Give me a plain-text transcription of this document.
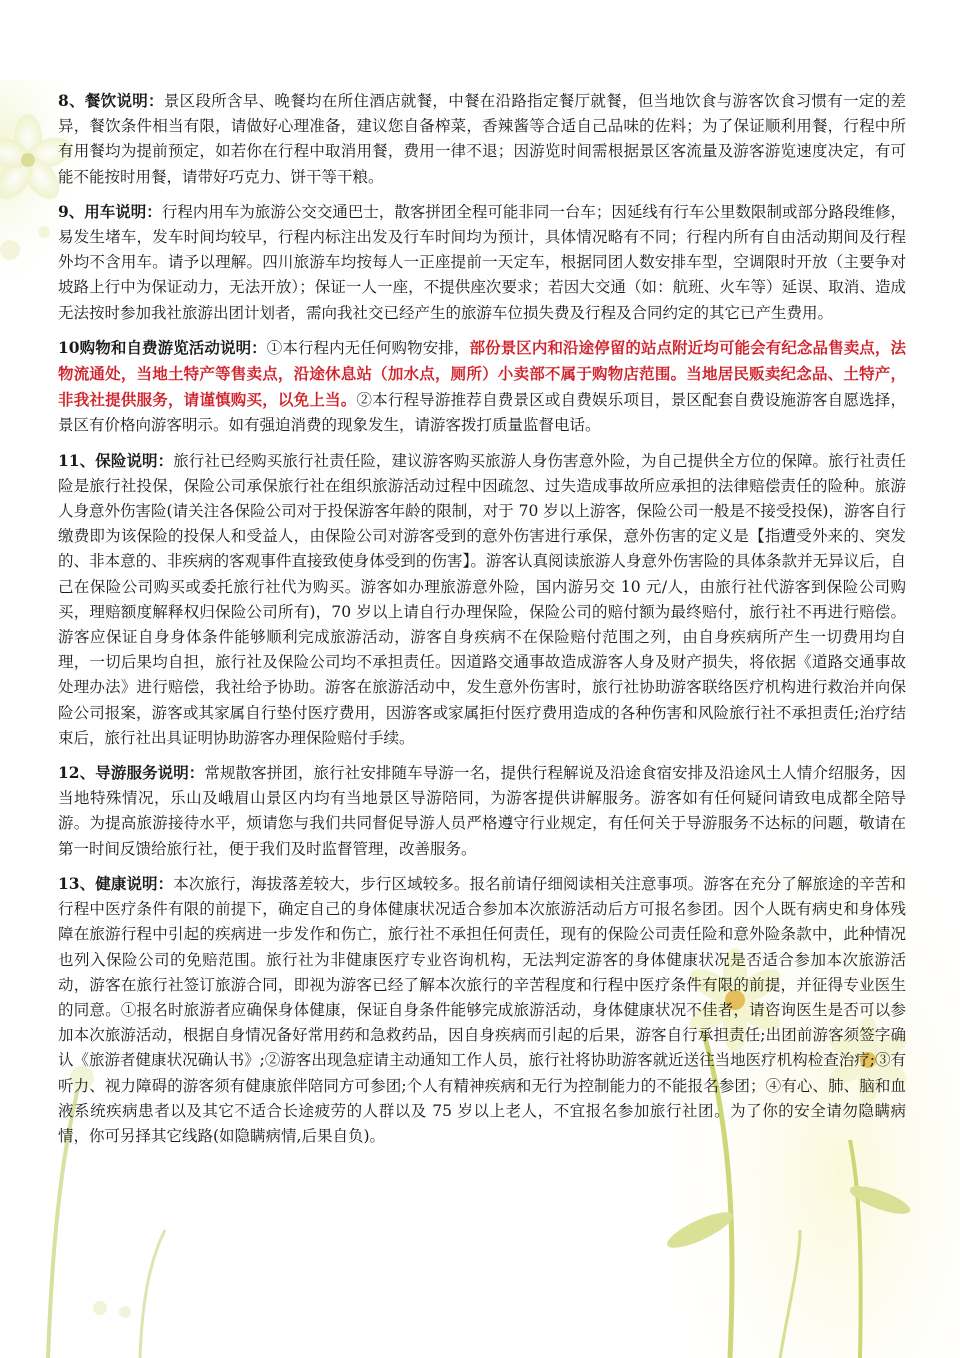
8、餐饮说明：景区段所含早、晚餐均在所住酒店就餐，中餐在沿路指定餐厅就餐，但当地饮食与游客饮食习惯有一定的差异，餐饮条件相当有限，请做好心理准备，建议您自备榨菜，香辣酱等合适自己品味的佐料；为了保证顺利用餐，行程中所有用餐均为提前预定，如若你在行程中取消用餐，费用一律不退；因游览时间需根据景区客流量及游客游览速度决定，有可能不能按时用餐，请带好巧克力、饼干等干粮。

9、用车说明：行程内用车为旅游公交交通巴士，散客拼团全程可能非同一台车；因延线有行车公里数限制或部分路段维修，易发生堵车，发车时间均较早，行程内标注出发及行车时间均为预计，具体情况略有不同；行程内所有自由活动期间及行程外均不含用车。请予以理解。四川旅游车均按每人一正座提前一天定车，根据同团人数安排车型，空调限时开放（主要争对坡路上行中为保证动力，无法开放）；保证一人一座，不提供座次要求；若因大交通（如：航班、火车等）延误、取消、造成无法按时参加我社旅游出团计划者，需向我社交已经产生的旅游车位损失费及行程及合同约定的其它已产生费用。

10购物和自费游览活动说明：①本行程内无任何购物安排，部份景区内和沿途停留的站点附近均可能会有纪念品售卖点，法物流通处，当地土特产等售卖点，沿途休息站（加水点，厕所）小卖部不属于购物店范围。当地居民贩卖纪念品、土特产，非我社提供服务，请谨慎购买，以免上当。②本行程导游推荐自费景区或自费娱乐项目，景区配套自费设施游客自愿选择，景区有价格向游客明示。如有强迫消费的现象发生，请游客拨打质量监督电话。

11、保险说明：旅行社已经购买旅行社责任险，建议游客购买旅游人身伤害意外险，为自己提供全方位的保障。旅行社责任险是旅行社投保，保险公司承保旅行社在组织旅游活动过程中因疏忽、过失造成事故所应承担的法律赔偿责任的险种。旅游人身意外伤害险(请关注各保险公司对于投保游客年龄的限制，对于 70 岁以上游客，保险公司一般是不接受投保)，游客自行缴费即为该保险的投保人和受益人，由保险公司对游客受到的意外伤害进行承保，意外伤害的定义是【指遭受外来的、突发的、非本意的、非疾病的客观事件直接致使身体受到的伤害】。游客认真阅读旅游人身意外伤害险的具体条款并无异议后，自己在保险公司购买或委托旅行社代为购买。游客如办理旅游意外险，国内游另交 10 元/人，由旅行社代游客到保险公司购买，理赔额度解释权归保险公司所有)，70 岁以上请自行办理保险，保险公司的赔付额为最终赔付，旅行社不再进行赔偿。游客应保证自身身体条件能够顺利完成旅游活动，游客自身疾病不在保险赔付范围之列，由自身疾病所产生一切费用均自理，一切后果均自担，旅行社及保险公司均不承担责任。因道路交通事故造成游客人身及财产损失，将依据《道路交通事故处理办法》进行赔偿，我社给予协助。游客在旅游活动中，发生意外伤害时，旅行社协助游客联络医疗机构进行救治并向保险公司报案，游客或其家属自行垫付医疗费用，因游客或家属拒付医疗费用造成的各种伤害和风险旅行社不承担责任;治疗结束后，旅行社出具证明协助游客办理保险赔付手续。

12、导游服务说明：常规散客拼团，旅行社安排随车导游一名，提供行程解说及沿途食宿安排及沿途风土人情介绍服务，因当地特殊情况，乐山及峨眉山景区内均有当地景区导游陪同，为游客提供讲解服务。游客如有任何疑问请致电成都全陪导游。为提高旅游接待水平，烦请您与我们共同督促导游人员严格遵守行业规定，有任何关于导游服务不达标的问题，敬请在第一时间反馈给旅行社，便于我们及时监督管理，改善服务。

13、健康说明：本次旅行，海拔落差较大，步行区域较多。报名前请仔细阅读相关注意事项。游客在充分了解旅途的辛苦和行程中医疗条件有限的前提下，确定自己的身体健康状况适合参加本次旅游活动后方可报名参团。因个人既有病史和身体残障在旅游行程中引起的疾病进一步发作和伤亡，旅行社不承担任何责任，现有的保险公司责任险和意外险条款中，此种情况也列入保险公司的免赔范围。旅行社为非健康医疗专业咨询机构，无法判定游客的身体健康状况是否适合参加本次旅游活动，游客在旅行社签订旅游合同，即视为游客已经了解本次旅行的辛苦程度和行程中医疗条件有限的前提，并征得专业医生的同意。①报名时旅游者应确保身体健康，保证自身条件能够完成旅游活动，身体健康状况不佳者，请咨询医生是否可以参加本次旅游活动，根据自身情况备好常用药和急救药品，因自身疾病而引起的后果，游客自行承担责任;出团前游客须签字确认《旅游者健康状况确认书》;②游客出现急症请主动通知工作人员，旅行社将协助游客就近送往当地医疗机构检查治疗;③有听力、视力障碍的游客须有健康旅伴陪同方可参团;个人有精神疾病和无行为控制能力的不能报名参团；④有心、肺、脑和血液系统疾病患者以及其它不适合长途疲劳的人群以及 75 岁以上老人，不宜报名参加旅行社团。为了你的安全请勿隐瞒病情，你可另择其它线路(如隐瞒病情,后果自负)。
